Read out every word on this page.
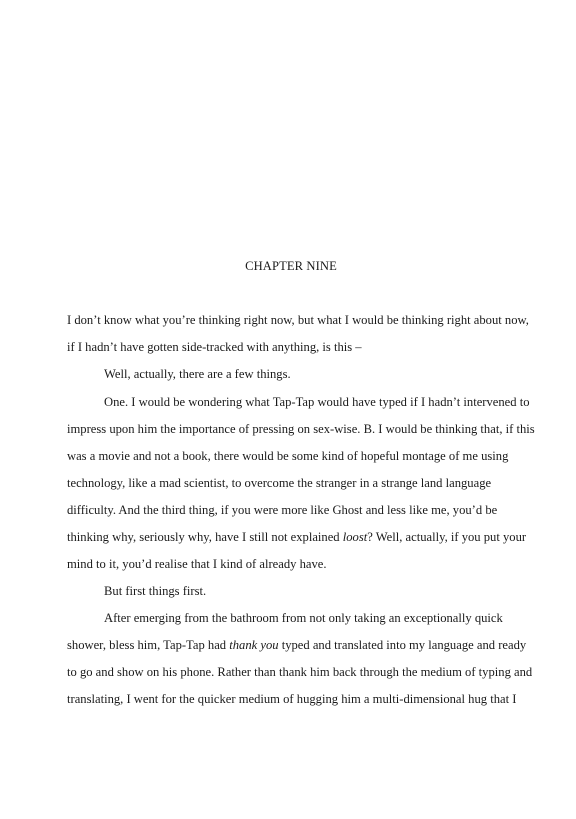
CHAPTER NINE
I don’t know what you’re thinking right now, but what I would be thinking right about now,
if I hadn’t have gotten side-tracked with anything, is this –
Well, actually, there are a few things.
One. I would be wondering what Tap-Tap would have typed if I hadn’t intervened to
impress upon him the importance of pressing on sex-wise. B. I would be thinking that, if this
was a movie and not a book, there would be some kind of hopeful montage of me using
technology, like a mad scientist, to overcome the stranger in a strange land language
difficulty. And the third thing, if you were more like Ghost and less like me, you’d be
thinking why, seriously why, have I still not explained loost? Well, actually, if you put your
mind to it, you’d realise that I kind of already have.
But first things first.
After emerging from the bathroom from not only taking an exceptionally quick
shower, bless him, Tap-Tap had thank you typed and translated into my language and ready
to go and show on his phone. Rather than thank him back through the medium of typing and
translating, I went for the quicker medium of hugging him a multi-dimensional hug that I
